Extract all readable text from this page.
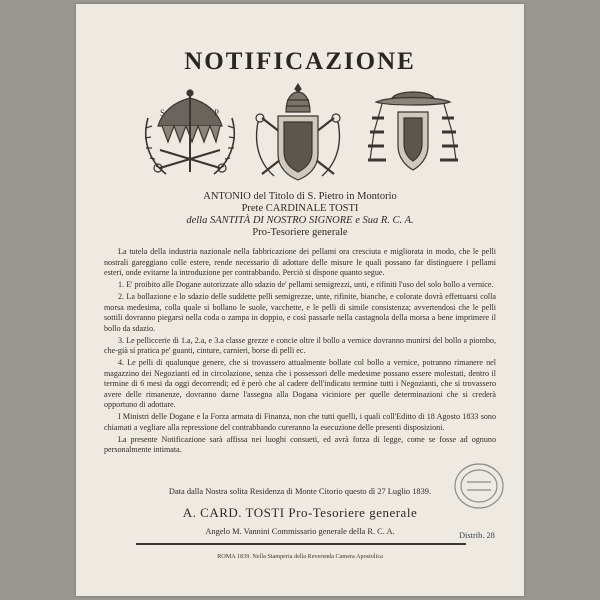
NOTIFICAZIONE
S	P
ANTONIO del Titolo di S. Pietro in Montorio
Prete CARDINALE TOSTI
della SANTITÀ DI NOSTRO SIGNORE e Sua R. C. A.
Pro-Tesoriere generale

La tutela della industria nazionale nella fabbricazione dei pellami ora cresciuta e migliorata in modo, che le pelli nostrali gareggiano colle estere, rende necessario di adottare delle misure le quali possano far distinguere i pellami esteri, onde evitarne la introduzione per contrabbando. Perciò si dispone quanto segue.

1. E' proibito alle Dogane autorizzate allo sdazio de' pellami semigrezzi, unti, e rifiniti l'uso del solo bollo a vernice.

2. La bollazione e lo sdazio delle suddette pelli semigrezze, unte, rifinite, bianche, e colorate dovrà effettuarsi colla morsa medesima, colla quale si bollano le suole, vacchette, e le pelli di simile consistenza; avvertendosi che le pelli sottili dovranno piegarsi nella coda o zampa in doppio, e così passarle nella castagnola della morsa a bene imprimere il bollo da sdazio.

3. Le pelliccerie di 1.a, 2.a, e 3.a classe grezze e concie oltre il bollo a vernice dovranno munirsi del bollo a piombo, che-già si pratica pe' guanti, cinture, carnieri, borse di pelli ec.

4. Le pelli di qualunque genere, che si trovassero attualmente bollate col bollo a vernice, potranno rimanere nel magazzino dei Negozianti ed in circolazione, senza che i possessori delle medesime possano essere molestati, dentro il termine di 6 mesi da oggi decorrendi; ed è però che al cadere dell'indicato termine tutti i Negozianti, che si trovassero avere delle rimanenze, dovranno darne l'assegna alla Dogana viciniore per quelle determinazioni che si crederà opportuno di adottare.

I Ministri delle Dogane e la Forza armata di Finanza, non che tutti quelli, i quali coll'Editto di 18 Agosto 1833 sono chiamati a vegliare alla repressione del contrabbando cureranno la esecuzione delle presenti disposizioni.

La presente Notificazione sarà affissa nei luoghi consueti, ed avrà forza di legge, come se fosse ad ognuno personalmente intimata.

Data dalla Nostra solita Residenza di Monte Citorio questo dì 27 Luglio 1839.
A. CARD. TOSTI Pro-Tesoriere generale
Angelo M. Vannini Commissario generale della R. C. A.	Distrib. 28
ROMA 1839. Nella Stamperia della Reverenda Camera Apostolica
